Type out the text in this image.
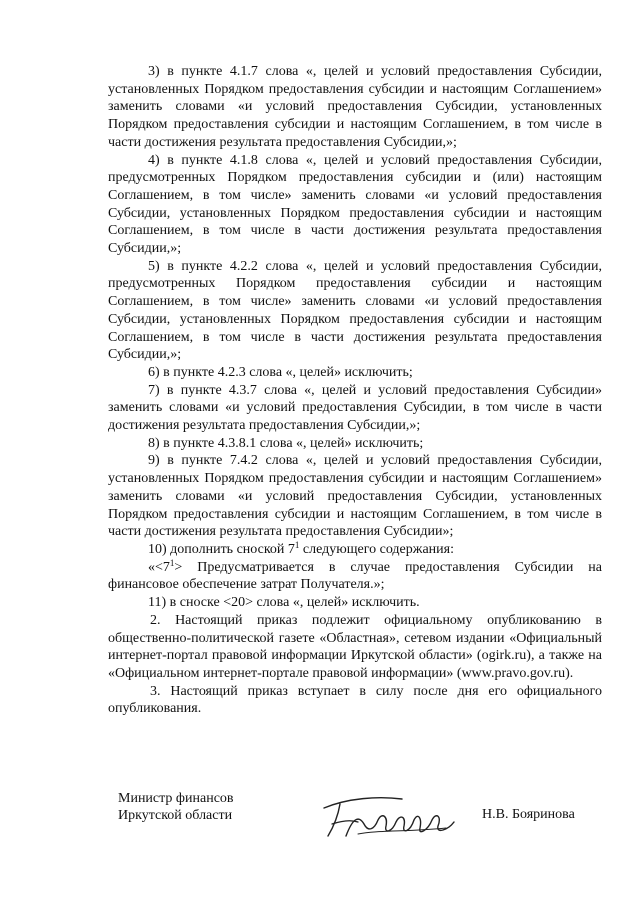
3) в пункте 4.1.7 слова «, целей и условий предоставления Субсидии, установленных Порядком предоставления субсидии и настоящим Соглашением» заменить словами «и условий предоставления Субсидии, установленных Порядком предоставления субсидии и настоящим Соглашением, в том числе в части достижения результата предоставления Субсидии,»;

4) в пункте 4.1.8 слова «, целей и условий предоставления Субсидии, предусмотренных Порядком предоставления субсидии и (или) настоящим Соглашением, в том числе» заменить словами «и условий предоставления Субсидии, установленных Порядком предоставления субсидии и настоящим Соглашением, в том числе в части достижения результата предоставления Субсидии,»;

5) в пункте 4.2.2 слова «, целей и условий предоставления Субсидии, предусмотренных Порядком предоставления субсидии и настоящим Соглашением, в том числе» заменить словами «и условий предоставления Субсидии, установленных Порядком предоставления субсидии и настоящим Соглашением, в том числе в части достижения результата предоставления Субсидии,»;

6) в пункте 4.2.3 слова «, целей» исключить;

7) в пункте 4.3.7 слова «, целей и условий предоставления Субсидии» заменить словами «и условий предоставления Субсидии, в том числе в части достижения результата предоставления Субсидии,»;

8) в пункте 4.3.8.1 слова «, целей» исключить;

9) в пункте 7.4.2 слова «, целей и условий предоставления Субсидии, установленных Порядком предоставления субсидии и настоящим Соглашением» заменить словами «и условий предоставления Субсидии, установленных Порядком предоставления субсидии и настоящим Соглашением, в том числе в части достижения результата предоставления Субсидии»;

10) дополнить сноской $7^1$ следующего содержания:

«$<7^1>$ Предусматривается в случае предоставления Субсидии на финансовое обеспечение затрат Получателя.»;

11) в сноске <20> слова «, целей» исключить.

2. Настоящий приказ подлежит официальному опубликованию в общественно-политической газете «Областная», сетевом издании «Официальный интернет-портал правовой информации Иркутской области» (ogirk.ru), а также на «Официальном интернет-портале правовой информации» (www.pravo.gov.ru).

3. Настоящий приказ вступает в силу после дня его официального опубликования.

Министр финансов
Иркутской области	Н.В. Бояринова
